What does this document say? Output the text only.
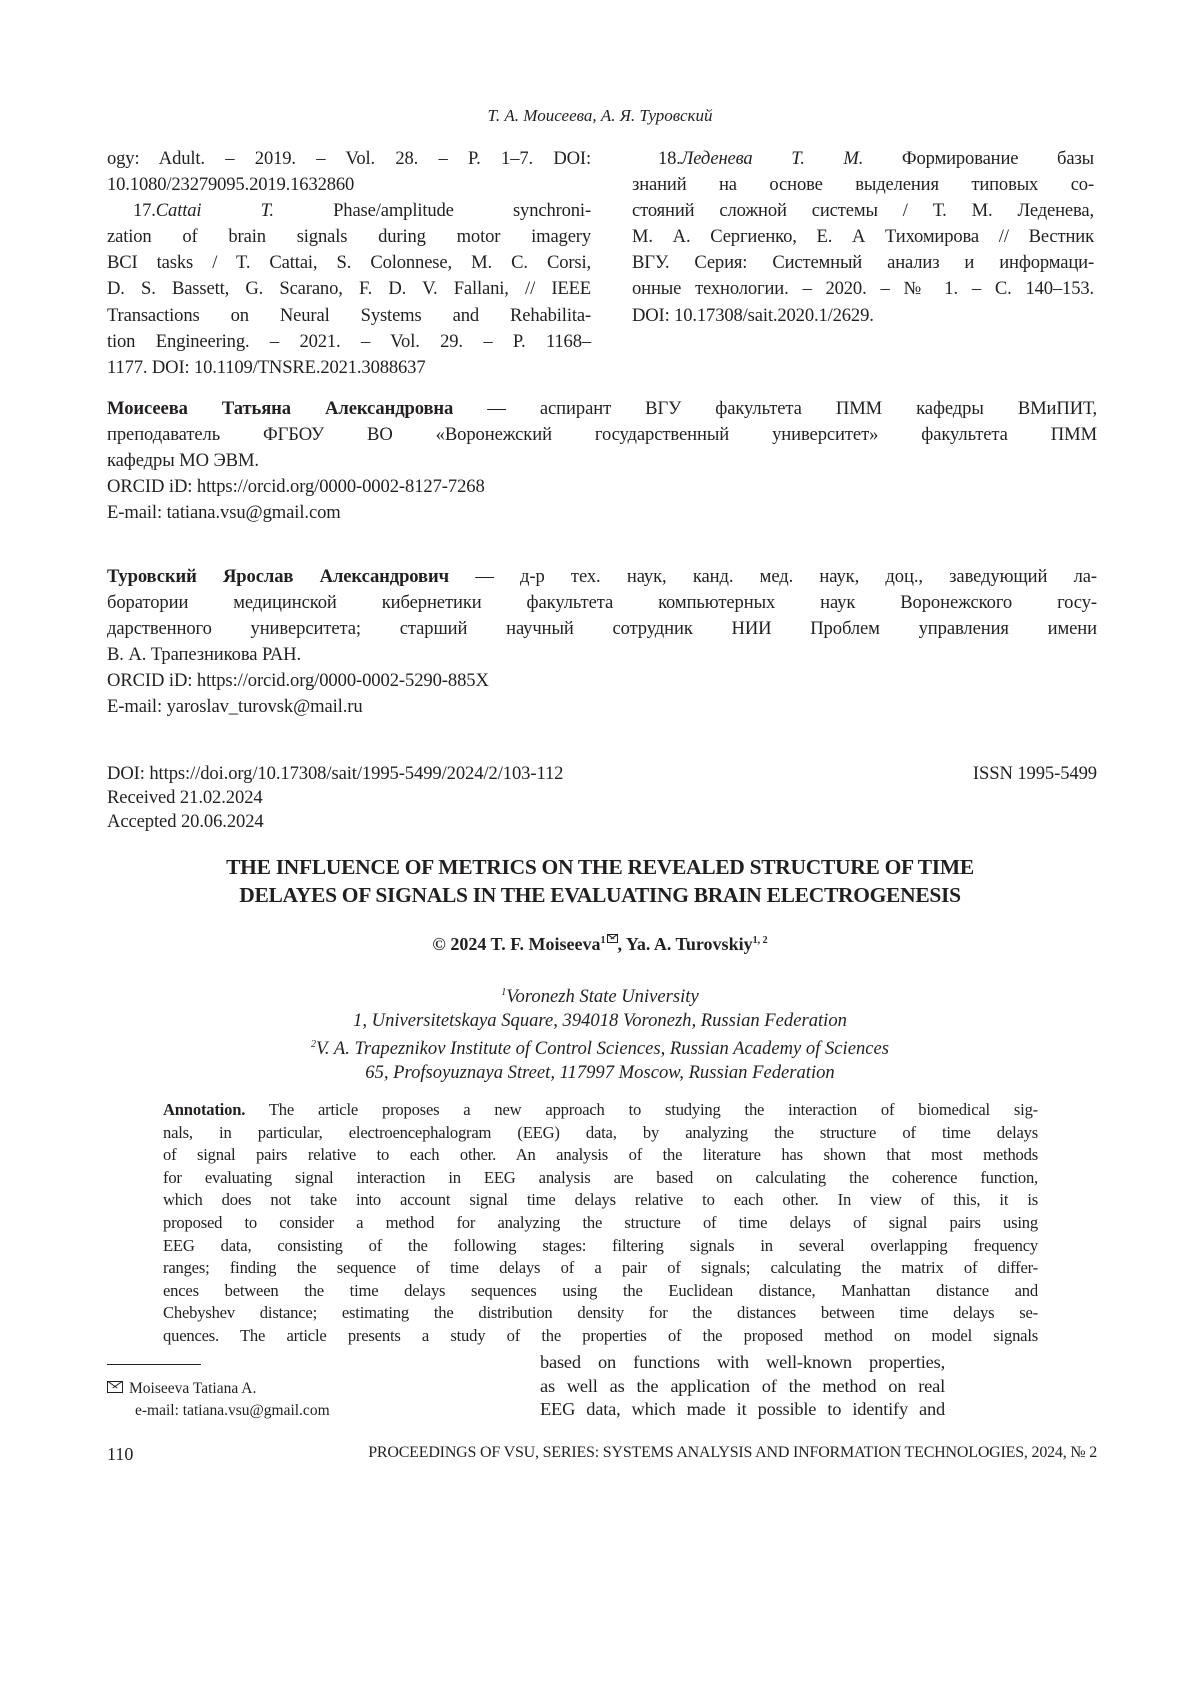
Т. А. Моисеева, А. Я. Туровский
ogy: Adult. – 2019. – Vol. 28. – P. 1–7. DOI:
10.1080/23279095.2019.1632860
17.Cattai T. Phase/amplitude synchroni-
zation of brain signals during motor imagery
BCI tasks / T. Cattai, S. Colonnese, M. C. Corsi,
D. S. Bassett, G. Scarano, F. D. V. Fallani, // IEEE
Transactions on Neural Systems and Rehabilita-
tion Engineering. – 2021. – Vol. 29. – P. 1168–
1177. DOI: 10.1109/TNSRE.2021.3088637
18.Леденева Т. М. Формирование базы
знаний на основе выделения типовых со-
стояний сложной системы / Т. М. Леденева,
М. А. Сергиенко, Е. А Тихомирова // Вестник
ВГУ. Серия: Системный анализ и информаци-
онные технологии. – 2020. – № 1. – С. 140–153.
DOI: 10.17308/sait.2020.1/2629.
Моисеева Татьяна Александровна — аспирант ВГУ факультета ПММ кафедры ВМиПИТ,
преподаватель ФГБОУ ВО «Воронежский государственный университет» факультета ПММ
кафедры МО ЭВМ.
ORCID iD: https://orcid.org/0000-0002-8127-7268
E-mail: tatiana.vsu@gmail.com
Туровский Ярослав Александрович — д-р тех. наук, канд. мед. наук, доц., заведующий ла-
боратории медицинской кибернетики факультета компьютерных наук Воронежского госу-
дарственного университета; старший научный сотрудник НИИ Проблем управления имени
В. А. Трапезникова РАН.
ORCID iD: https://orcid.org/0000-0002-5290-885X
E-mail: yaroslav_turovsk@mail.ru
DOI: https://doi.org/10.17308/sait/1995-5499/2024/2/103-112	ISSN 1995-5499
Received 21.02.2024
Accepted 20.06.2024
THE INFLUENCE OF METRICS ON THE REVEALED STRUCTURE OF TIME
DELAYES OF SIGNALS IN THE EVALUATING BRAIN ELECTROGENESIS
© 2024 T. F. Moiseeva1 , Ya. A. Turovskiy1, 2
1Voronezh State University
1, Universitetskaya Square, 394018 Voronezh, Russian Federation
2V. A. Trapeznikov Institute of Control Sciences, Russian Academy of Sciences
65, Profsoyuznaya Street, 117997 Moscow, Russian Federation
Annotation. The article proposes a new approach to studying the interaction of biomedical sig-
nals, in particular, electroencephalogram (EEG) data, by analyzing the structure of time delays
of signal pairs relative to each other. An analysis of the literature has shown that most methods
for evaluating signal interaction in EEG analysis are based on calculating the coherence function,
which does not take into account signal time delays relative to each other. In view of this, it is
proposed to consider a method for analyzing the structure of time delays of signal pairs using
EEG data, consisting of the following stages: filtering signals in several overlapping frequency
ranges; finding the sequence of time delays of a pair of signals; calculating the matrix of differ-
ences between the time delays sequences using the Euclidean distance, Manhattan distance and
Chebyshev distance; estimating the distribution density for the distances between time delays se-
quences. The article presents a study of the properties of the proposed method on model signals
based on functions with well-known properties,
as well as the application of the method on real
EEG data, which made it possible to identify and
Moiseeva Tatiana A.
e-mail: tatiana.vsu@gmail.com
110	PROCEEDINGS OF VSU, SERIES: SYSTEMS ANALYSIS AND INFORMATION TECHNOLOGIES, 2024, № 2
